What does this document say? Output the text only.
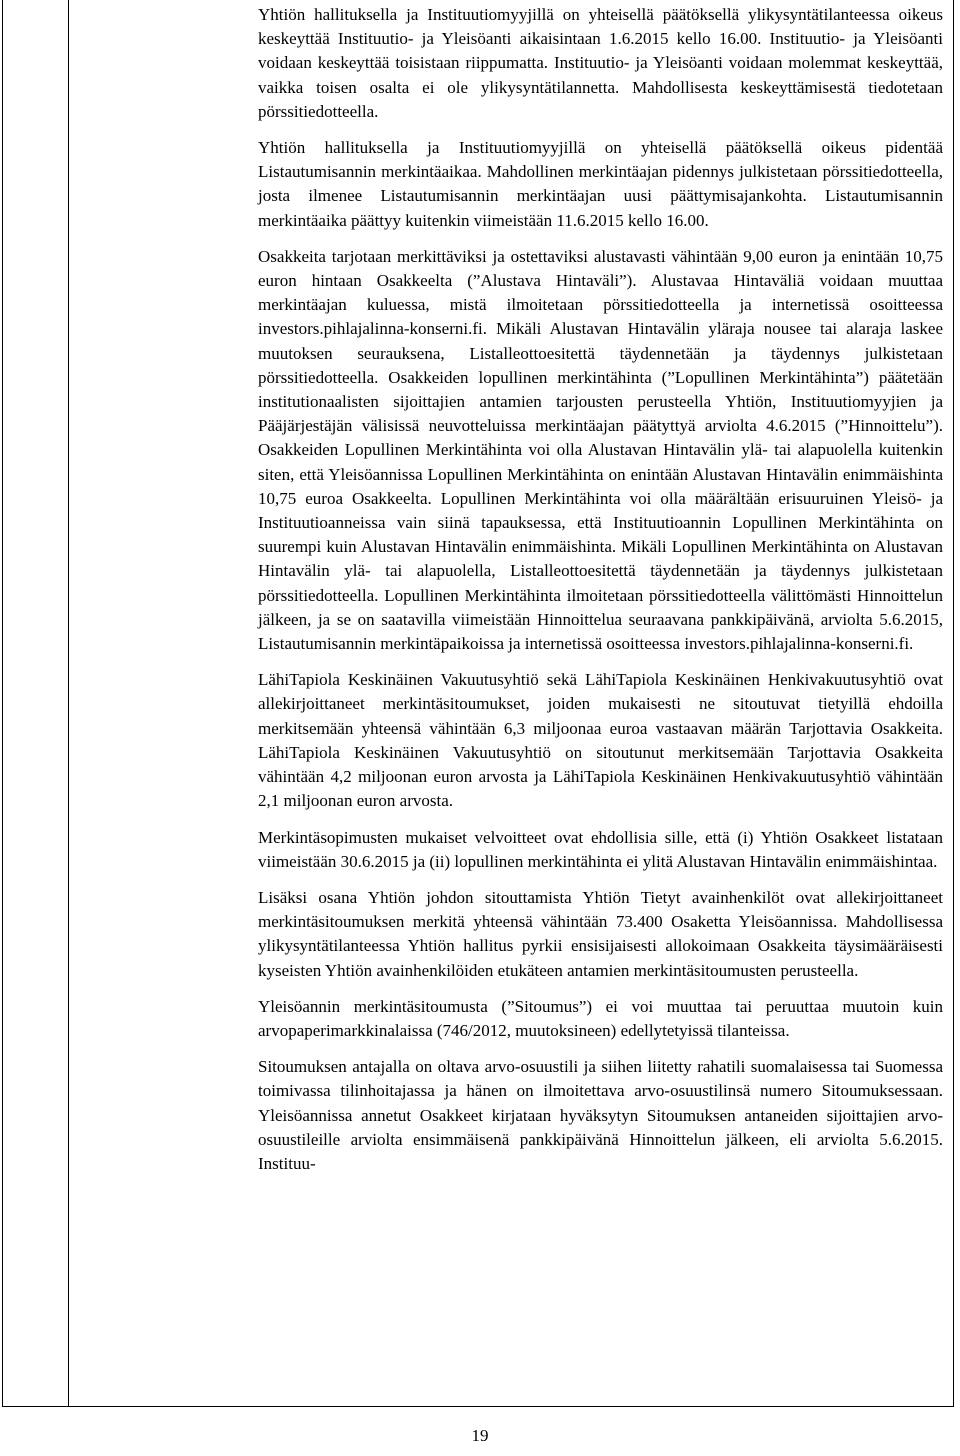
Yhtiön hallituksella ja Instituutiomyyjillä on yhteisellä päätöksellä ylikysyntätilanteessa oikeus keskeyttää Instituutio- ja Yleisöanti aikaisintaan 1.6.2015 kello 16.00. Instituutio- ja Yleisöanti voidaan keskeyttää toisistaan riippumatta. Instituutio- ja Yleisöanti voidaan molemmat keskeyttää, vaikka toisen osalta ei ole ylikysyntätilannetta. Mahdollisesta keskeyttämisestä tiedotetaan pörssitiedotteella.

Yhtiön hallituksella ja Instituutiomyyjillä on yhteisellä päätöksellä oikeus pidentää Listautumisannin merkintäaikaa. Mahdollinen merkintäajan pidennys julkistetaan pörssitiedotteella, josta ilmenee Listautumisannin merkintäajan uusi päättymisajankohta. Listautumisannin merkintäaika päättyy kuitenkin viimeistään 11.6.2015 kello 16.00.

Osakkeita tarjotaan merkittäviksi ja ostettaviksi alustavasti vähintään 9,00 euron ja enintään 10,75 euron hintaan Osakkeelta (”Alustava Hintaväli”). Alustavaa Hintaväliä voidaan muuttaa merkintäajan kuluessa, mistä ilmoitetaan pörssitiedotteella ja internetissä osoitteessa investors.pihlajalinna-konserni.fi. Mikäli Alustavan Hintavälin yläraja nousee tai alaraja laskee muutoksen seurauksena, Listalleottoesitettä täydennetään ja täydennys julkistetaan pörssitiedotteella. Osakkeiden lopullinen merkintähinta (”Lopullinen Merkintähinta”) päätetään institutionaalisten sijoittajien antamien tarjousten perusteella Yhtiön, Instituutiomyyjien ja Pääjärjestäjän välisissä neuvotteluissa merkintäajan päätyttyä arviolta 4.6.2015 (”Hinnoittelu”). Osakkeiden Lopullinen Merkintähinta voi olla Alustavan Hintavälin ylä- tai alapuolella kuitenkin siten, että Yleisöannissa Lopullinen Merkintähinta on enintään Alustavan Hintavälin enimmäishinta 10,75 euroa Osakkeelta. Lopullinen Merkintähinta voi olla määrältään erisuuruinen Yleisö- ja Instituutioanneissa vain siinä tapauksessa, että Instituutioannin Lopullinen Merkintähinta on suurempi kuin Alustavan Hintavälin enimmäishinta. Mikäli Lopullinen Merkintähinta on Alustavan Hintavälin ylä- tai alapuolella, Listalleottoesitettä täydennetään ja täydennys julkistetaan pörssitiedotteella. Lopullinen Merkintähinta ilmoitetaan pörssitiedotteella välittömästi Hinnoittelun jälkeen, ja se on saatavilla viimeistään Hinnoittelua seuraavana pankkipäivänä, arviolta 5.6.2015, Listautumisannin merkintäpaikoissa ja internetissä osoitteessa investors.pihlajalinna-konserni.fi.

LähiTapiola Keskinäinen Vakuutusyhtiö sekä LähiTapiola Keskinäinen Henkivakuutusyhtiö ovat allekirjoittaneet merkintäsitoumukset, joiden mukaisesti ne sitoutuvat tietyillä ehdoilla merkitsemään yhteensä vähintään 6,3 miljoonaa euroa vastaavan määrän Tarjottavia Osakkeita. LähiTapiola Keskinäinen Vakuutusyhtiö on sitoutunut merkitsemään Tarjottavia Osakkeita vähintään 4,2 miljoonan euron arvosta ja LähiTapiola Keskinäinen Henkivakuutusyhtiö vähintään 2,1 miljoonan euron arvosta.

Merkintäsopimusten mukaiset velvoitteet ovat ehdollisia sille, että (i) Yhtiön Osakkeet listataan viimeistään 30.6.2015 ja (ii) lopullinen merkintähinta ei ylitä Alustavan Hintavälin enimmäishintaa.

Lisäksi osana Yhtiön johdon sitouttamista Yhtiön Tietyt avainhenkilöt ovat allekirjoittaneet merkintäsitoumuksen merkitä yhteensä vähintään 73.400 Osaketta Yleisöannissa. Mahdollisessa ylikysyntätilanteessa Yhtiön hallitus pyrkii ensisijaisesti allokoimaan Osakkeita täysimääräisesti kyseisten Yhtiön avainhenkilöiden etukäteen antamien merkintäsitoumusten perusteella.

Yleisöannin merkintäsitoumusta (”Sitoumus”) ei voi muuttaa tai peruuttaa muutoin kuin arvopaperimarkkinalaissa (746/2012, muutoksineen) edellytetyissä tilanteissa.

Sitoumuksen antajalla on oltava arvo-osuustili ja siihen liitetty rahatili suomalaisessa tai Suomessa toimivassa tilinhoitajassa ja hänen on ilmoitettava arvo-osuustilinsä numero Sitoumuksessaan. Yleisöannissa annetut Osakkeet kirjataan hyväksytyn Sitoumuksen antaneiden sijoittajien arvo-osuustileille arviolta ensimmäisenä pankkipäivänä Hinnoittelun jälkeen, eli arviolta 5.6.2015. Instituu-

19
